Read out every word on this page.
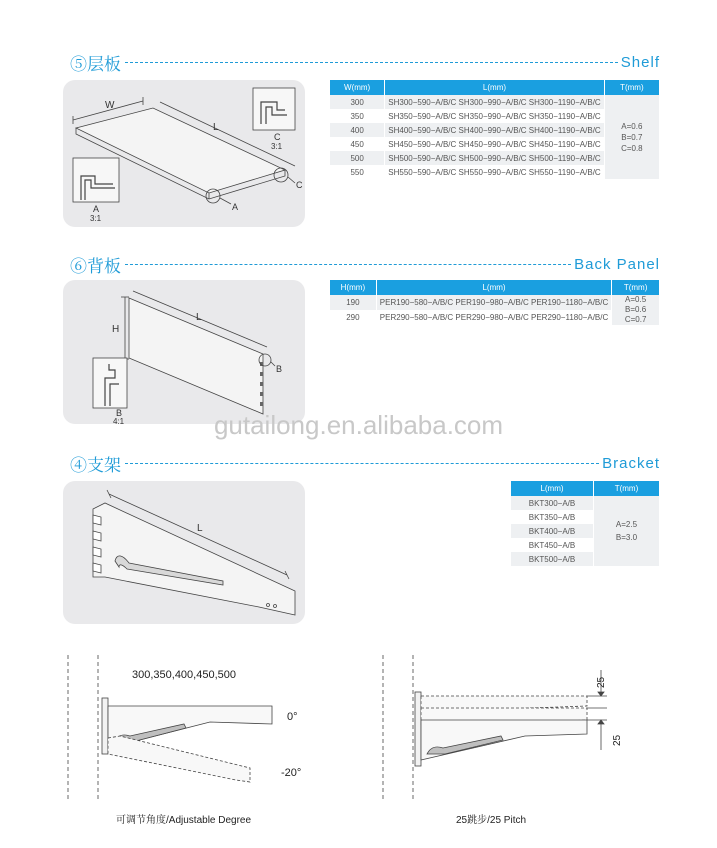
⑤层板	Shelf
W
L
C
3:1
A
3:1
A
C
W(mm)	L(mm)	T(mm)
300	SH300−590−A/B/C SH300−990−A/B/C SH300−1190−A/B/C	A=0.6
B=0.7
C=0.8

350	SH350−590−A/B/C SH350−990−A/B/C SH350−1190−A/B/C	
400	SH400−590−A/B/C SH400−990−A/B/C SH400−1190−A/B/C	
450	SH450−590−A/B/C SH450−990−A/B/C SH450−1190−A/B/C	
500	SH500−590−A/B/C SH500−990−A/B/C SH500−1190−A/B/C	
550	SH550−590−A/B/C SH550−990−A/B/C SH550−1190−A/B/C	
⑥背板	Back Panel
H
L
B
B
4:1
H(mm)	L(mm)	T(mm)
190	PER190−580−A/B/C PER190−980−A/B/C PER190−1180−A/B/C	A=0.5
B=0.6
C=0.7

290	PER290−580−A/B/C PER290−980−A/B/C PER290−1180−A/B/C	
gutailong.en.alibaba.com
④支架	Bracket
L
L(mm)	T(mm)
BKT300−A/B	A=2.5
B=3.0

BKT350−A/B	
BKT400−A/B	
BKT450−A/B	
BKT500−A/B	
300,350,400,450,500
0°
-20°
可调节角度/Adjustable Degree
25
25
25跳步/25 Pitch
